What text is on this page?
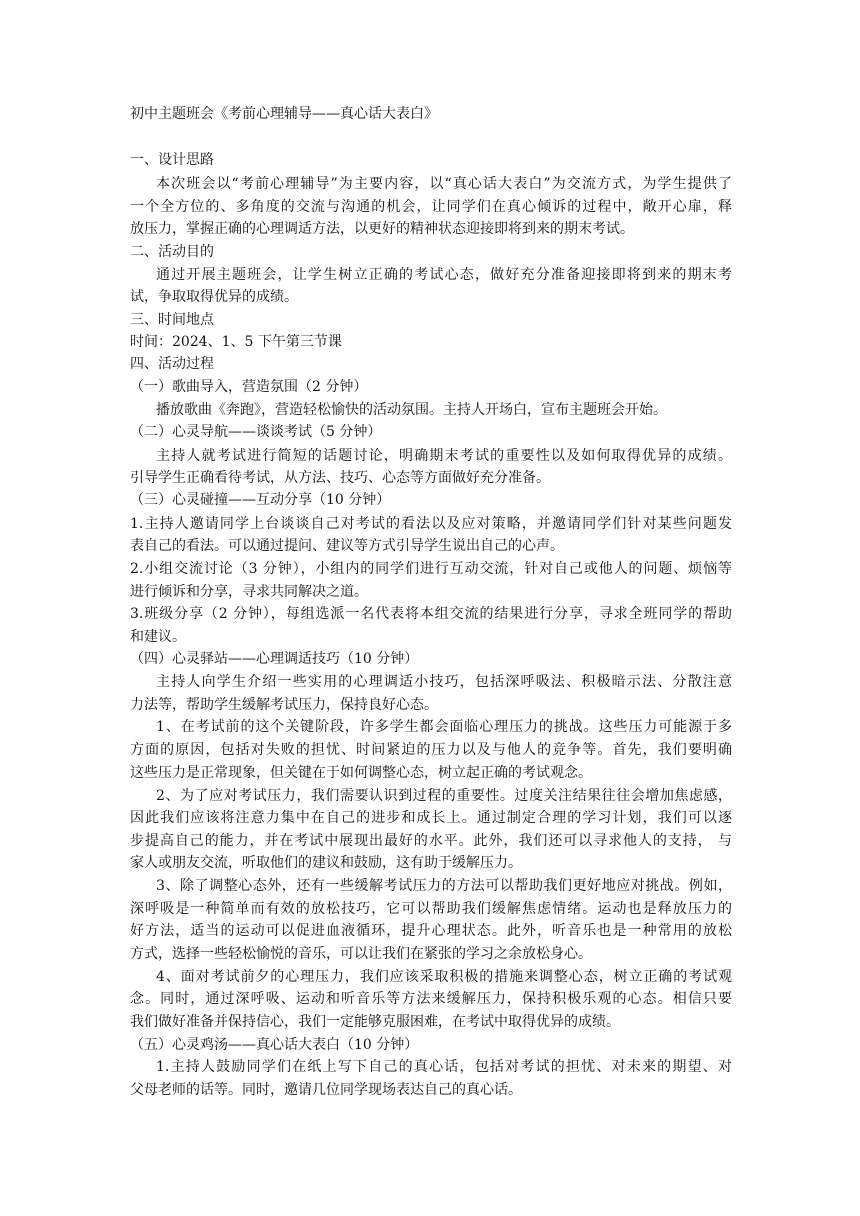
初中主题班会《考前心理辅导——真心话大表白》
一、设计思路
本次班会以“考前心理辅导”为主要内容，以“真心话大表白”为交流方式，为学生提供了
一个全方位的、多角度的交流与沟通的机会，让同学们在真心倾诉的过程中，敞开心扉，释
放压力，掌握正确的心理调适方法，以更好的精神状态迎接即将到来的期末考试。
二、活动目的
通过开展主题班会，让学生树立正确的考试心态，做好充分准备迎接即将到来的期末考
试，争取取得优异的成绩。
三、时间地点
时间：2024、1、5 下午第三节课
四、活动过程
（一）歌曲导入，营造氛围（2 分钟）
播放歌曲《奔跑》，营造轻松愉快的活动氛围。主持人开场白，宣布主题班会开始。
（二）心灵导航——谈谈考试（5 分钟）
主持人就考试进行简短的话题讨论，明确期末考试的重要性以及如何取得优异的成绩。
引导学生正确看待考试，从方法、技巧、心态等方面做好充分准备。
（三）心灵碰撞——互动分享（10 分钟）
1.主持人邀请同学上台谈谈自己对考试的看法以及应对策略，并邀请同学们针对某些问题发
表自己的看法。可以通过提问、建议等方式引导学生说出自己的心声。
2.小组交流讨论（3 分钟），小组内的同学们进行互动交流，针对自己或他人的问题、烦恼等
进行倾诉和分享，寻求共同解决之道。
3.班级分享（2 分钟），每组选派一名代表将本组交流的结果进行分享，寻求全班同学的帮助
和建议。
（四）心灵驿站——心理调适技巧（10 分钟）
主持人向学生介绍一些实用的心理调适小技巧，包括深呼吸法、积极暗示法、分散注意
力法等，帮助学生缓解考试压力，保持良好心态。
1、在考试前的这个关键阶段，许多学生都会面临心理压力的挑战。这些压力可能源于多
方面的原因，包括对失败的担忧、时间紧迫的压力以及与他人的竞争等。首先，我们要明确
这些压力是正常现象，但关键在于如何调整心态，树立起正确的考试观念。
2、为了应对考试压力，我们需要认识到过程的重要性。过度关注结果往往会增加焦虑感，
因此我们应该将注意力集中在自己的进步和成长上。通过制定合理的学习计划，我们可以逐
步提高自己的能力，并在考试中展现出最好的水平。此外，我们还可以寻求他人的支持， 与
家人或朋友交流，听取他们的建议和鼓励，这有助于缓解压力。
3、除了调整心态外，还有一些缓解考试压力的方法可以帮助我们更好地应对挑战。例如，
深呼吸是一种简单而有效的放松技巧，它可以帮助我们缓解焦虑情绪。运动也是释放压力的
好方法，适当的运动可以促进血液循环，提升心理状态。此外，听音乐也是一种常用的放松
方式，选择一些轻松愉悦的音乐，可以让我们在紧张的学习之余放松身心。
4、面对考试前夕的心理压力，我们应该采取积极的措施来调整心态，树立正确的考试观
念。同时，通过深呼吸、运动和听音乐等方法来缓解压力，保持积极乐观的心态。相信只要
我们做好准备并保持信心，我们一定能够克服困难，在考试中取得优异的成绩。
（五）心灵鸡汤——真心话大表白（10 分钟）
1.主持人鼓励同学们在纸上写下自己的真心话，包括对考试的担忧、对未来的期望、对
父母老师的话等。同时，邀请几位同学现场表达自己的真心话。
